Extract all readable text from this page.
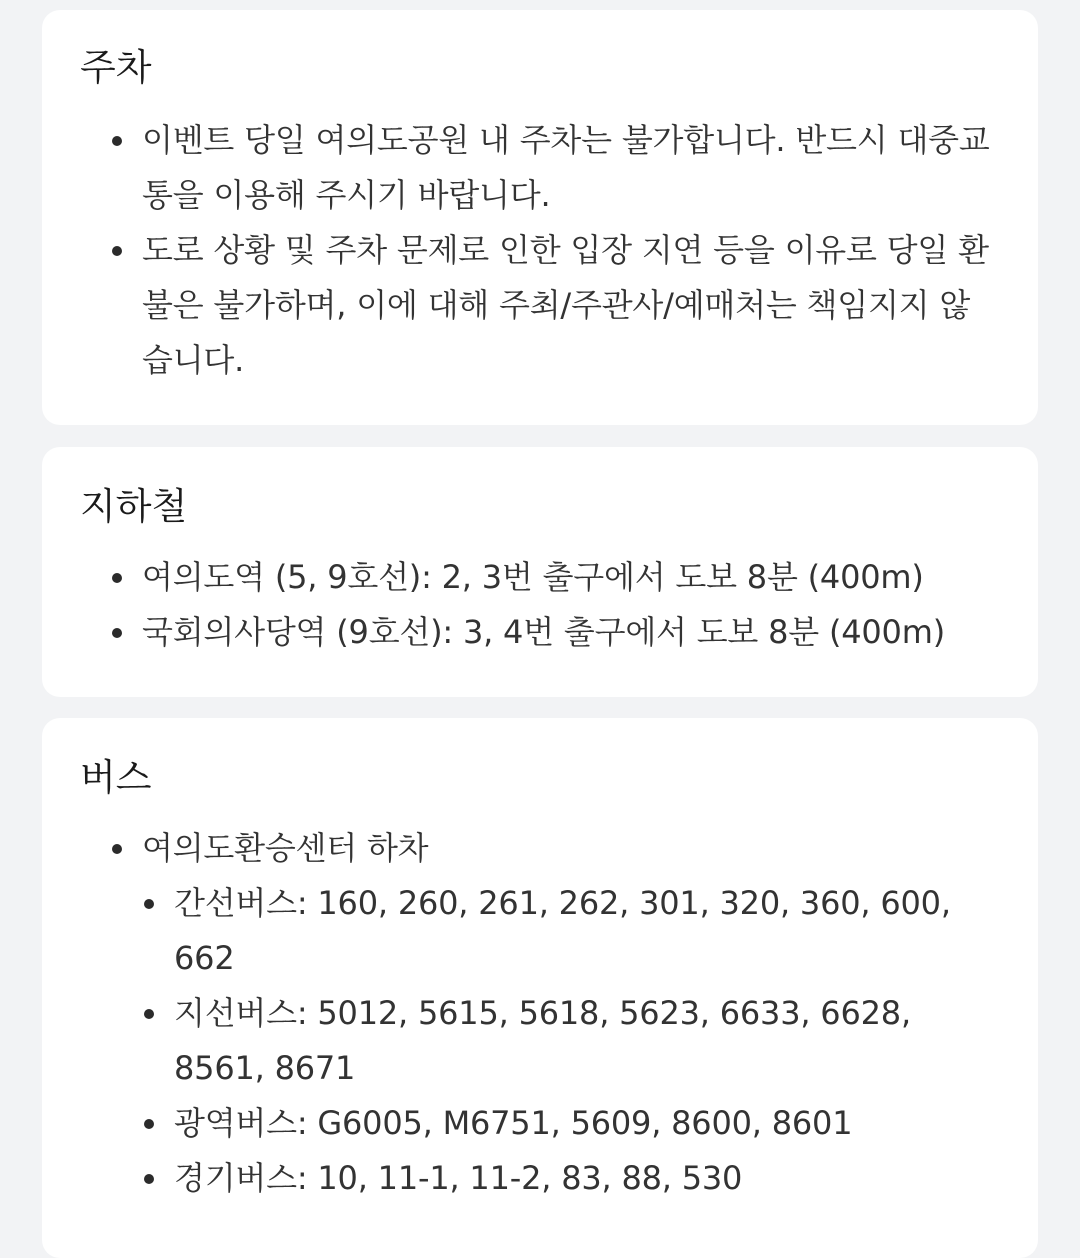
주차
이벤트 당일 여의도공원 내 주차는 불가합니다. 반드시 대중교통을 이용해 주시기 바랍니다.
도로 상황 및 주차 문제로 인한 입장 지연 등을 이유로 당일 환불은 불가하며, 이에 대해 주최/주관사/예매처는 책임지지 않습니다.
지하철
여의도역 (5, 9호선): 2, 3번 출구에서 도보 8분 (400m)
국회의사당역 (9호선): 3, 4번 출구에서 도보 8분 (400m)
버스
여의도환승센터 하차
간선버스: 160, 260, 261, 262, 301, 320, 360, 600, 662
지선버스: 5012, 5615, 5618, 5623, 6633, 6628, 8561, 8671
광역버스: G6005, M6751, 5609, 8600, 8601
경기버스: 10, 11-1, 11-2, 83, 88, 530
